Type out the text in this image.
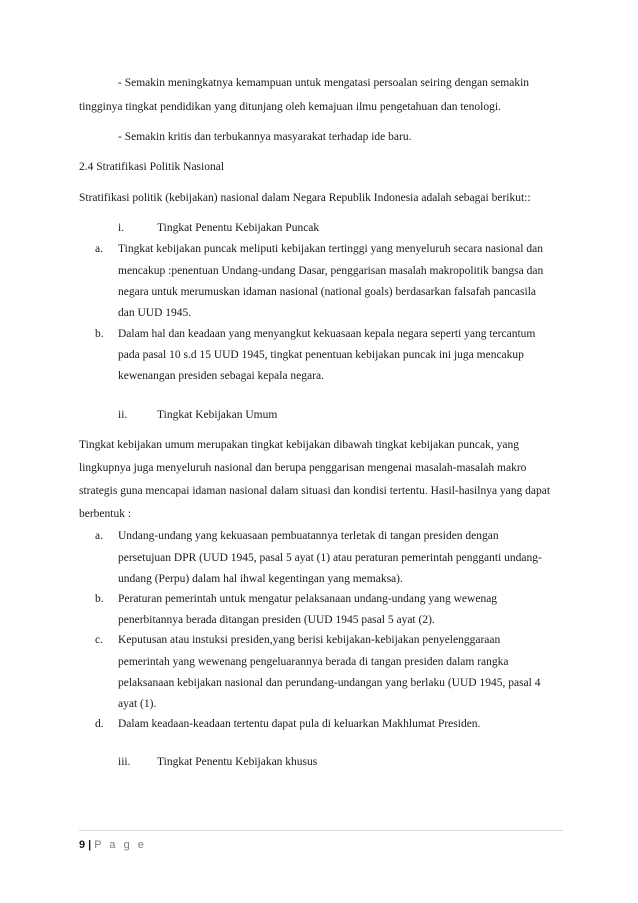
- Semakin meningkatnya kemampuan untuk mengatasi persoalan seiring dengan semakin
tingginya tingkat pendidikan yang ditunjang oleh kemajuan ilmu pengetahuan dan tenologi.
- Semakin kritis dan terbukannya masyarakat terhadap ide baru.
2.4 Stratifikasi Politik Nasional
Stratifikasi politik (kebijakan) nasional dalam Negara Republik Indonesia adalah sebagai berikut::
i.	Tingkat Penentu Kebijakan Puncak
a. Tingkat kebijakan puncak meliputi kebijakan tertinggi yang menyeluruh secara nasional dan
mencakup :penentuan Undang-undang Dasar, penggarisan masalah makropolitik bangsa dan
negara untuk merumuskan idaman nasional (national goals) berdasarkan falsafah pancasila
dan UUD 1945.
b. Dalam hal dan keadaan yang menyangkut kekuasaan kepala negara seperti yang tercantum
pada pasal 10 s.d 15 UUD 1945, tingkat penentuan kebijakan puncak ini juga mencakup
kewenangan presiden sebagai kepala negara.
ii.	Tingkat Kebijakan Umum
Tingkat kebijakan umum merupakan tingkat kebijakan dibawah tingkat kebijakan puncak, yang
lingkupnya juga menyeluruh nasional dan berupa penggarisan mengenai masalah-masalah makro
strategis guna mencapai idaman nasional dalam situasi dan kondisi tertentu. Hasil-hasilnya yang dapat
berbentuk :
a. Undang-undang yang kekuasaan pembuatannya terletak di tangan presiden dengan
persetujuan DPR (UUD 1945, pasal 5 ayat (1) atau peraturan pemerintah pengganti undang-
undang (Perpu) dalam hal ihwal kegentingan yang memaksa).
b. Peraturan pemerintah untuk mengatur pelaksanaan undang-undang yang wewenag
penerbitannya berada ditangan presiden (UUD 1945 pasal 5 ayat (2).
c. Keputusan atau instuksi presiden,yang berisi kebijakan-kebijakan penyelenggaraan
pemerintah yang wewenang pengeluarannya berada di tangan presiden dalam rangka
pelaksanaan kebijakan nasional dan perundang-undangan yang berlaku (UUD 1945, pasal 4
ayat (1).
d. Dalam keadaan-keadaan tertentu dapat pula di keluarkan Makhlumat Presiden.
iii. Tingkat Penentu Kebijakan khusus
9 | P a g e
